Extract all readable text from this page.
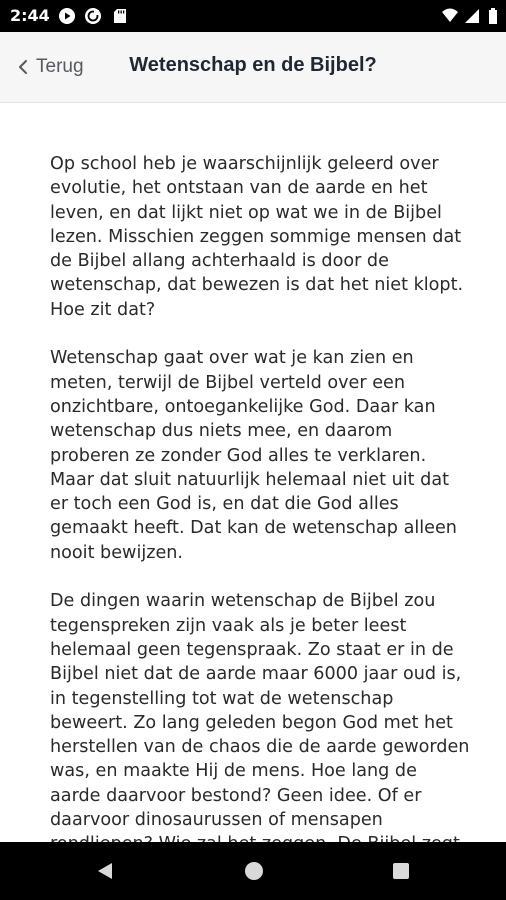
2:44
Terug	Wetenschap en de Bijbel?

Op school heb je waarschijnlijk geleerd over evolutie, het ontstaan van de aarde en het leven, en dat lijkt niet op wat we in de Bijbel lezen. Misschien zeggen sommige mensen dat de Bijbel allang achterhaald is door de wetenschap, dat bewezen is dat het niet klopt. Hoe zit dat?

Wetenschap gaat over wat je kan zien en meten, terwijl de Bijbel verteld over een onzichtbare, ontoegankelijke God. Daar kan wetenschap dus niets mee, en daarom proberen ze zonder God alles te verklaren. Maar dat sluit natuurlijk helemaal niet uit dat er toch een God is, en dat die God alles gemaakt heeft. Dat kan de wetenschap alleen nooit bewijzen.

De dingen waarin wetenschap de Bijbel zou tegenspreken zijn vaak als je beter leest helemaal geen tegenspraak. Zo staat er in de Bijbel niet dat de aarde maar 6000 jaar oud is, in tegenstelling tot wat de wetenschap beweert. Zo lang geleden begon God met het herstellen van de chaos die de aarde geworden was, en maakte Hij de mens. Hoe lang de aarde daarvoor bestond? Geen idee. Of er daarvoor dinosaurussen of mensapen
